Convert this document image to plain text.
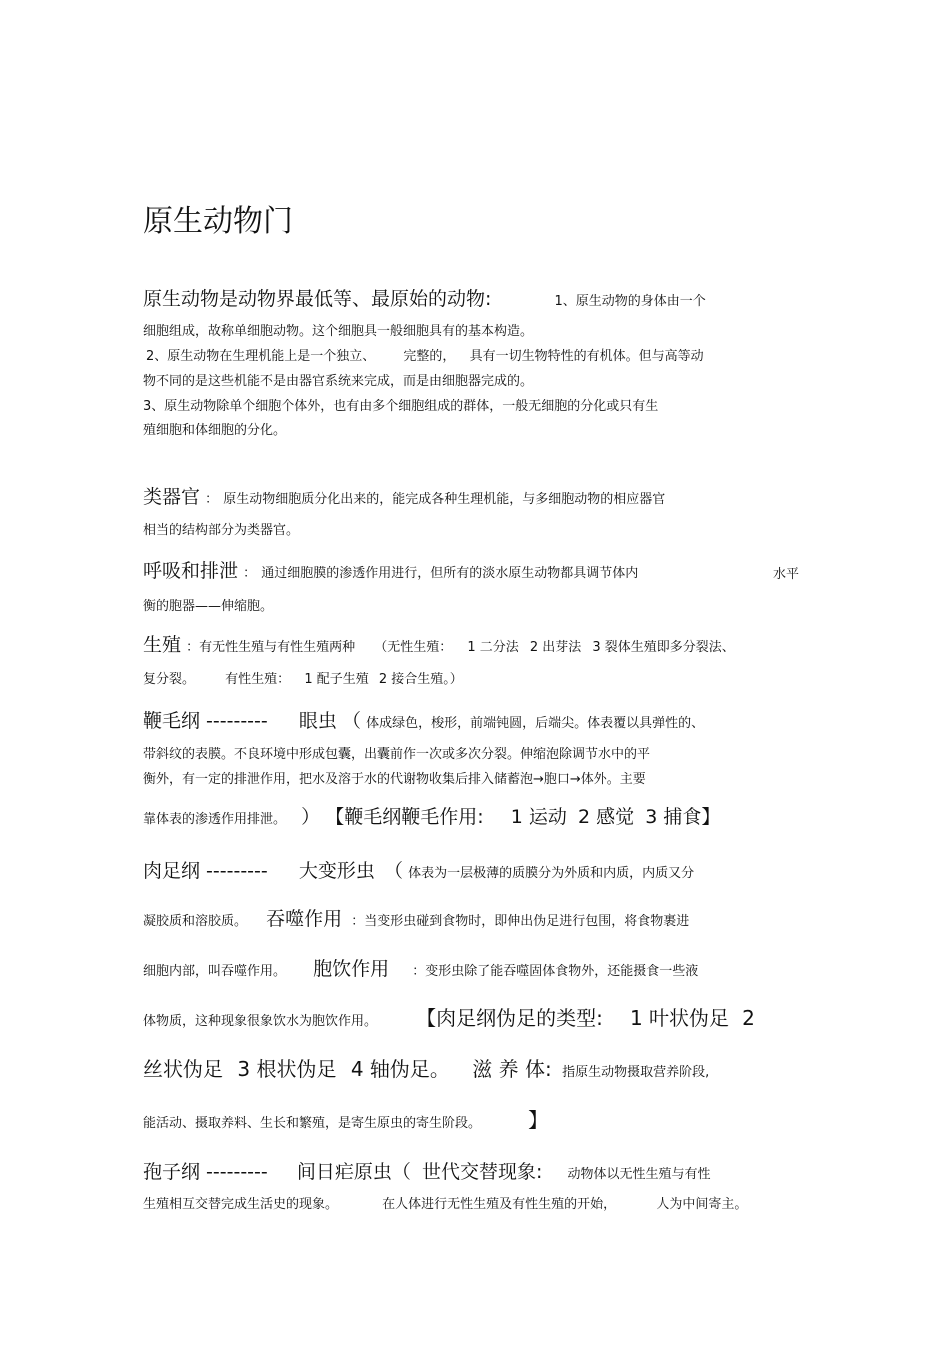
原生动物门
原生动物是动物界最低等、最原始的动物:	1、原生动物的身体由一个
细胞组成，故称单细胞动物。这个细胞具一般细胞具有的基本构造。
2、原生动物在生理机能上是一个独立、 完整的， 具有一切生物特性的有机体。但与高等动
物不同的是这些机能不是由器官系统来完成，而是由细胞器完成的。
3、原生动物除单个细胞个体外，也有由多个细胞组成的群体，一般无细胞的分化或只有生
殖细胞和体细胞的分化。
类器官 ： 原生动物细胞质分化出来的，能完成各种生理机能，与多细胞动物的相应器官
相当的结构部分为类器官。
呼吸和排泄 ： 通过细胞膜的渗透作用进行，但所有的淡水原生动物都具调节体内	水平
衡的胞器——伸缩胞。
生殖 ：有无性生殖与有性生殖两种 （无性生殖： 1 二分法 2 出芽法 3 裂体生殖即多分裂法、
复分裂。 有性生殖： 1 配子生殖 2 接合生殖。）
鞭毛纲 --------- 眼虫 （ 体成绿色，梭形，前端钝圆，后端尖。体表覆以具弹性的、
带斜纹的表膜。不良环境中形成包囊，出囊前作一次或多次分裂。伸缩泡除调节水中的平
衡外，有一定的排泄作用，把水及溶于水的代谢物收集后排入储蓄泡→胞口→体外。主要
靠体表的渗透作用排泄。 ） 【鞭毛纲鞭毛作用: 1 运动 2 感觉 3 捕食】
肉足纲 --------- 大变形虫 （ 体表为一层极薄的质膜分为外质和内质，内质又分
凝胶质和溶胶质。 吞噬作用 ：当变形虫碰到食物时，即伸出伪足进行包围，将食物裹进
细胞内部，叫吞噬作用。 胞饮作用 ：变形虫除了能吞噬固体食物外，还能摄食一些液
体物质，这种现象很象饮水为胞饮作用。 【肉足纲伪足的类型: 1 叶状伪足 2
丝状伪足 3 根状伪足 4 轴伪足。 滋 养 体: 指原生动物摄取营养阶段,
能活动、摄取养料、生长和繁殖，是寄生原虫的寄生阶段。 】
孢子纲 --------- 间日疟原虫（ 世代交替现象: 动物体以无性生殖与有性
生殖相互交替完成生活史的现象。	在人体进行无性生殖及有性生殖的开始，	人为中间寄主。
